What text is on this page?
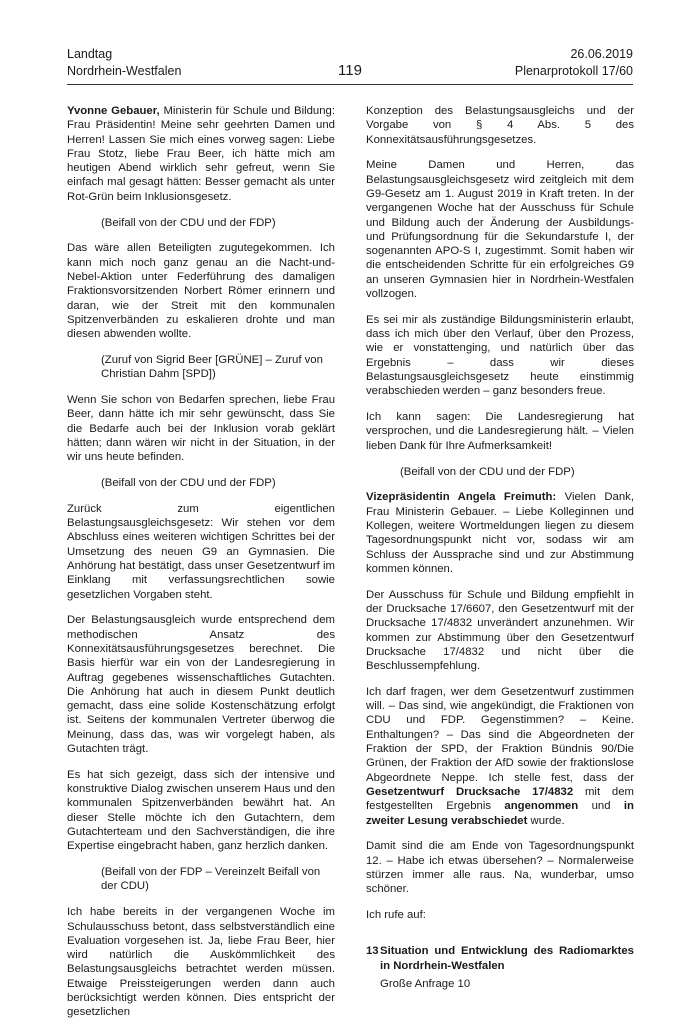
Landtag
Nordrhein-Westfalen	119
26.06.2019
Plenarprotokoll 17/60

Yvonne Gebauer, Ministerin für Schule und Bildung: Frau Präsidentin! Meine sehr geehrten Damen und Herren! Lassen Sie mich eines vorweg sagen: Liebe Frau Stotz, liebe Frau Beer, ich hätte mich am heutigen Abend wirklich sehr gefreut, wenn Sie einfach mal gesagt hätten: Besser gemacht als unter Rot-Grün beim Inklusionsgesetz.

(Beifall von der CDU und der FDP)

Das wäre allen Beteiligten zugutegekommen. Ich kann mich noch ganz genau an die Nacht-und-Nebel-Aktion unter Federführung des damaligen Fraktionsvorsitzenden Norbert Römer erinnern und daran, wie der Streit mit den kommunalen Spitzenverbänden zu eskalieren drohte und man diesen abwenden wollte.

(Zuruf von Sigrid Beer [GRÜNE] – Zuruf von Christian Dahm [SPD])

Wenn Sie schon von Bedarfen sprechen, liebe Frau Beer, dann hätte ich mir sehr gewünscht, dass Sie die Bedarfe auch bei der Inklusion vorab geklärt hätten; dann wären wir nicht in der Situation, in der wir uns heute befinden.

(Beifall von der CDU und der FDP)

Zurück zum eigentlichen Belastungsausgleichsgesetz: Wir stehen vor dem Abschluss eines weiteren wichtigen Schrittes bei der Umsetzung des neuen G9 an Gymnasien. Die Anhörung hat bestätigt, dass unser Gesetzentwurf im Einklang mit verfassungsrechtlichen sowie gesetzlichen Vorgaben steht.

Der Belastungsausgleich wurde entsprechend dem methodischen Ansatz des Konnexitätsausführungsgesetzes berechnet. Die Basis hierfür war ein von der Landesregierung in Auftrag gegebenes wissenschaftliches Gutachten. Die Anhörung hat auch in diesem Punkt deutlich gemacht, dass eine solide Kostenschätzung erfolgt ist. Seitens der kommunalen Vertreter überwog die Meinung, dass das, was wir vorgelegt haben, als Gutachten trägt.

Es hat sich gezeigt, dass sich der intensive und konstruktive Dialog zwischen unserem Haus und den kommunalen Spitzenverbänden bewährt hat. An dieser Stelle möchte ich den Gutachtern, dem Gutachterteam und den Sachverständigen, die ihre Expertise eingebracht haben, ganz herzlich danken.

(Beifall von der FDP – Vereinzelt Beifall von der CDU)

Ich habe bereits in der vergangenen Woche im Schulausschuss betont, dass selbstverständlich eine Evaluation vorgesehen ist. Ja, liebe Frau Beer, hier wird natürlich die Auskömmlichkeit des Belastungsausgleichs betrachtet werden müssen. Etwaige Preissteigerungen werden dann auch berücksichtigt werden können. Dies entspricht der gesetzlichen

Konzeption des Belastungsausgleichs und der Vorgabe von § 4 Abs. 5 des Konnexitätsausführungsgesetzes.

Meine Damen und Herren, das Belastungsausgleichsgesetz wird zeitgleich mit dem G9-Gesetz am 1. August 2019 in Kraft treten. In der vergangenen Woche hat der Ausschuss für Schule und Bildung auch der Änderung der Ausbildungs- und Prüfungsordnung für die Sekundarstufe I, der sogenannten APO-S I, zugestimmt. Somit haben wir die entscheidenden Schritte für ein erfolgreiches G9 an unseren Gymnasien hier in Nordrhein-Westfalen vollzogen.

Es sei mir als zuständige Bildungsministerin erlaubt, dass ich mich über den Verlauf, über den Prozess, wie er vonstattenging, und natürlich über das Ergebnis – dass wir dieses Belastungsausgleichsgesetz heute einstimmig verabschieden werden – ganz besonders freue.

Ich kann sagen: Die Landesregierung hat versprochen, und die Landesregierung hält. – Vielen lieben Dank für Ihre Aufmerksamkeit!

(Beifall von der CDU und der FDP)

Vizepräsidentin Angela Freimuth: Vielen Dank, Frau Ministerin Gebauer. – Liebe Kolleginnen und Kollegen, weitere Wortmeldungen liegen zu diesem Tagesordnungspunkt nicht vor, sodass wir am Schluss der Aussprache sind und zur Abstimmung kommen können.

Der Ausschuss für Schule und Bildung empfiehlt in der Drucksache 17/6607, den Gesetzentwurf mit der Drucksache 17/4832 unverändert anzunehmen. Wir kommen zur Abstimmung über den Gesetzentwurf Drucksache 17/4832 und nicht über die Beschlussempfehlung.

Ich darf fragen, wer dem Gesetzentwurf zustimmen will. – Das sind, wie angekündigt, die Fraktionen von CDU und FDP. Gegenstimmen? – Keine. Enthaltungen? – Das sind die Abgeordneten der Fraktion der SPD, der Fraktion Bündnis 90/Die Grünen, der Fraktion der AfD sowie der fraktionslose Abgeordnete Neppe. Ich stelle fest, dass der Gesetzentwurf Drucksache 17/4832 mit dem festgestellten Ergebnis angenommen und in zweiter Lesung verabschiedet wurde.

Damit sind die am Ende von Tagesordnungspunkt 12. – Habe ich etwas übersehen? – Normalerweise stürzen immer alle raus. Na, wunderbar, umso schöner.

Ich rufe auf:

13 Situation und Entwicklung des Radiomarktes in Nordrhein-Westfalen
Große Anfrage 10
